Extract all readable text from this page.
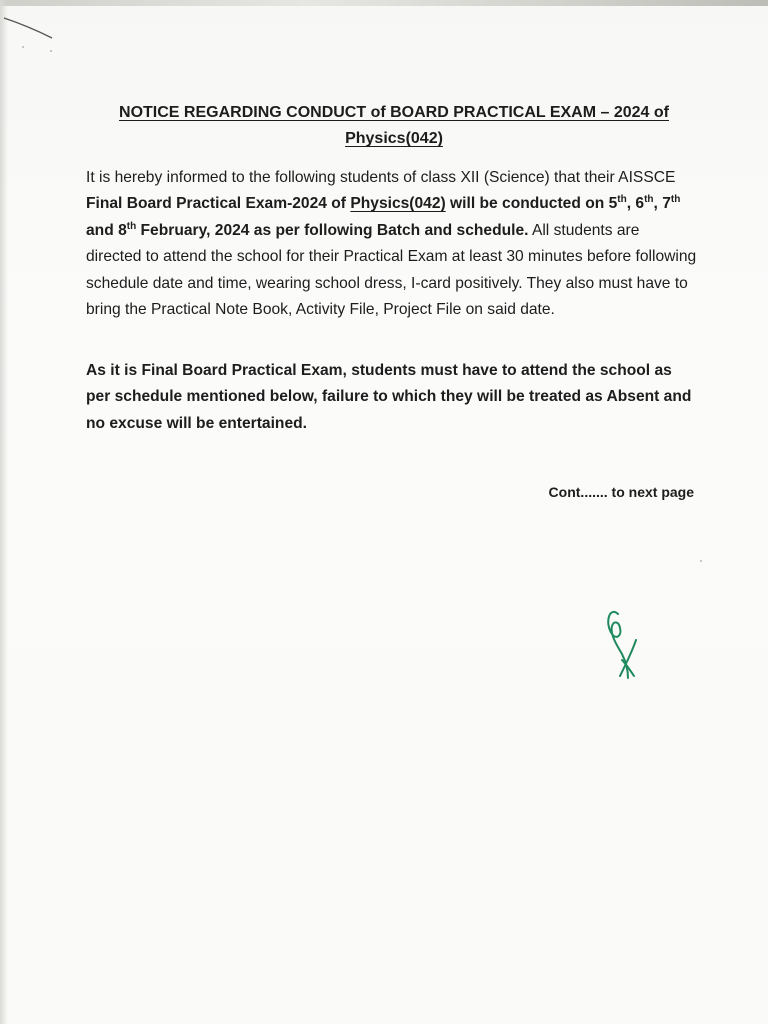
NOTICE REGARDING CONDUCT of BOARD PRACTICAL EXAM – 2024 of
Physics(042)
It is hereby informed to the following students of class XII (Science) that their AISSCE Final Board Practical Exam-2024 of Physics(042) will be conducted on 5th, 6th, 7th and 8th February, 2024 as per following Batch and schedule. All students are directed to attend the school for their Practical Exam at least 30 minutes before following schedule date and time, wearing school dress, I-card positively. They also must have to bring the Practical Note Book, Activity File, Project File on said date.
As it is Final Board Practical Exam, students must have to attend the school as per schedule mentioned below, failure to which they will be treated as Absent and no excuse will be entertained.
Cont....... to next page
